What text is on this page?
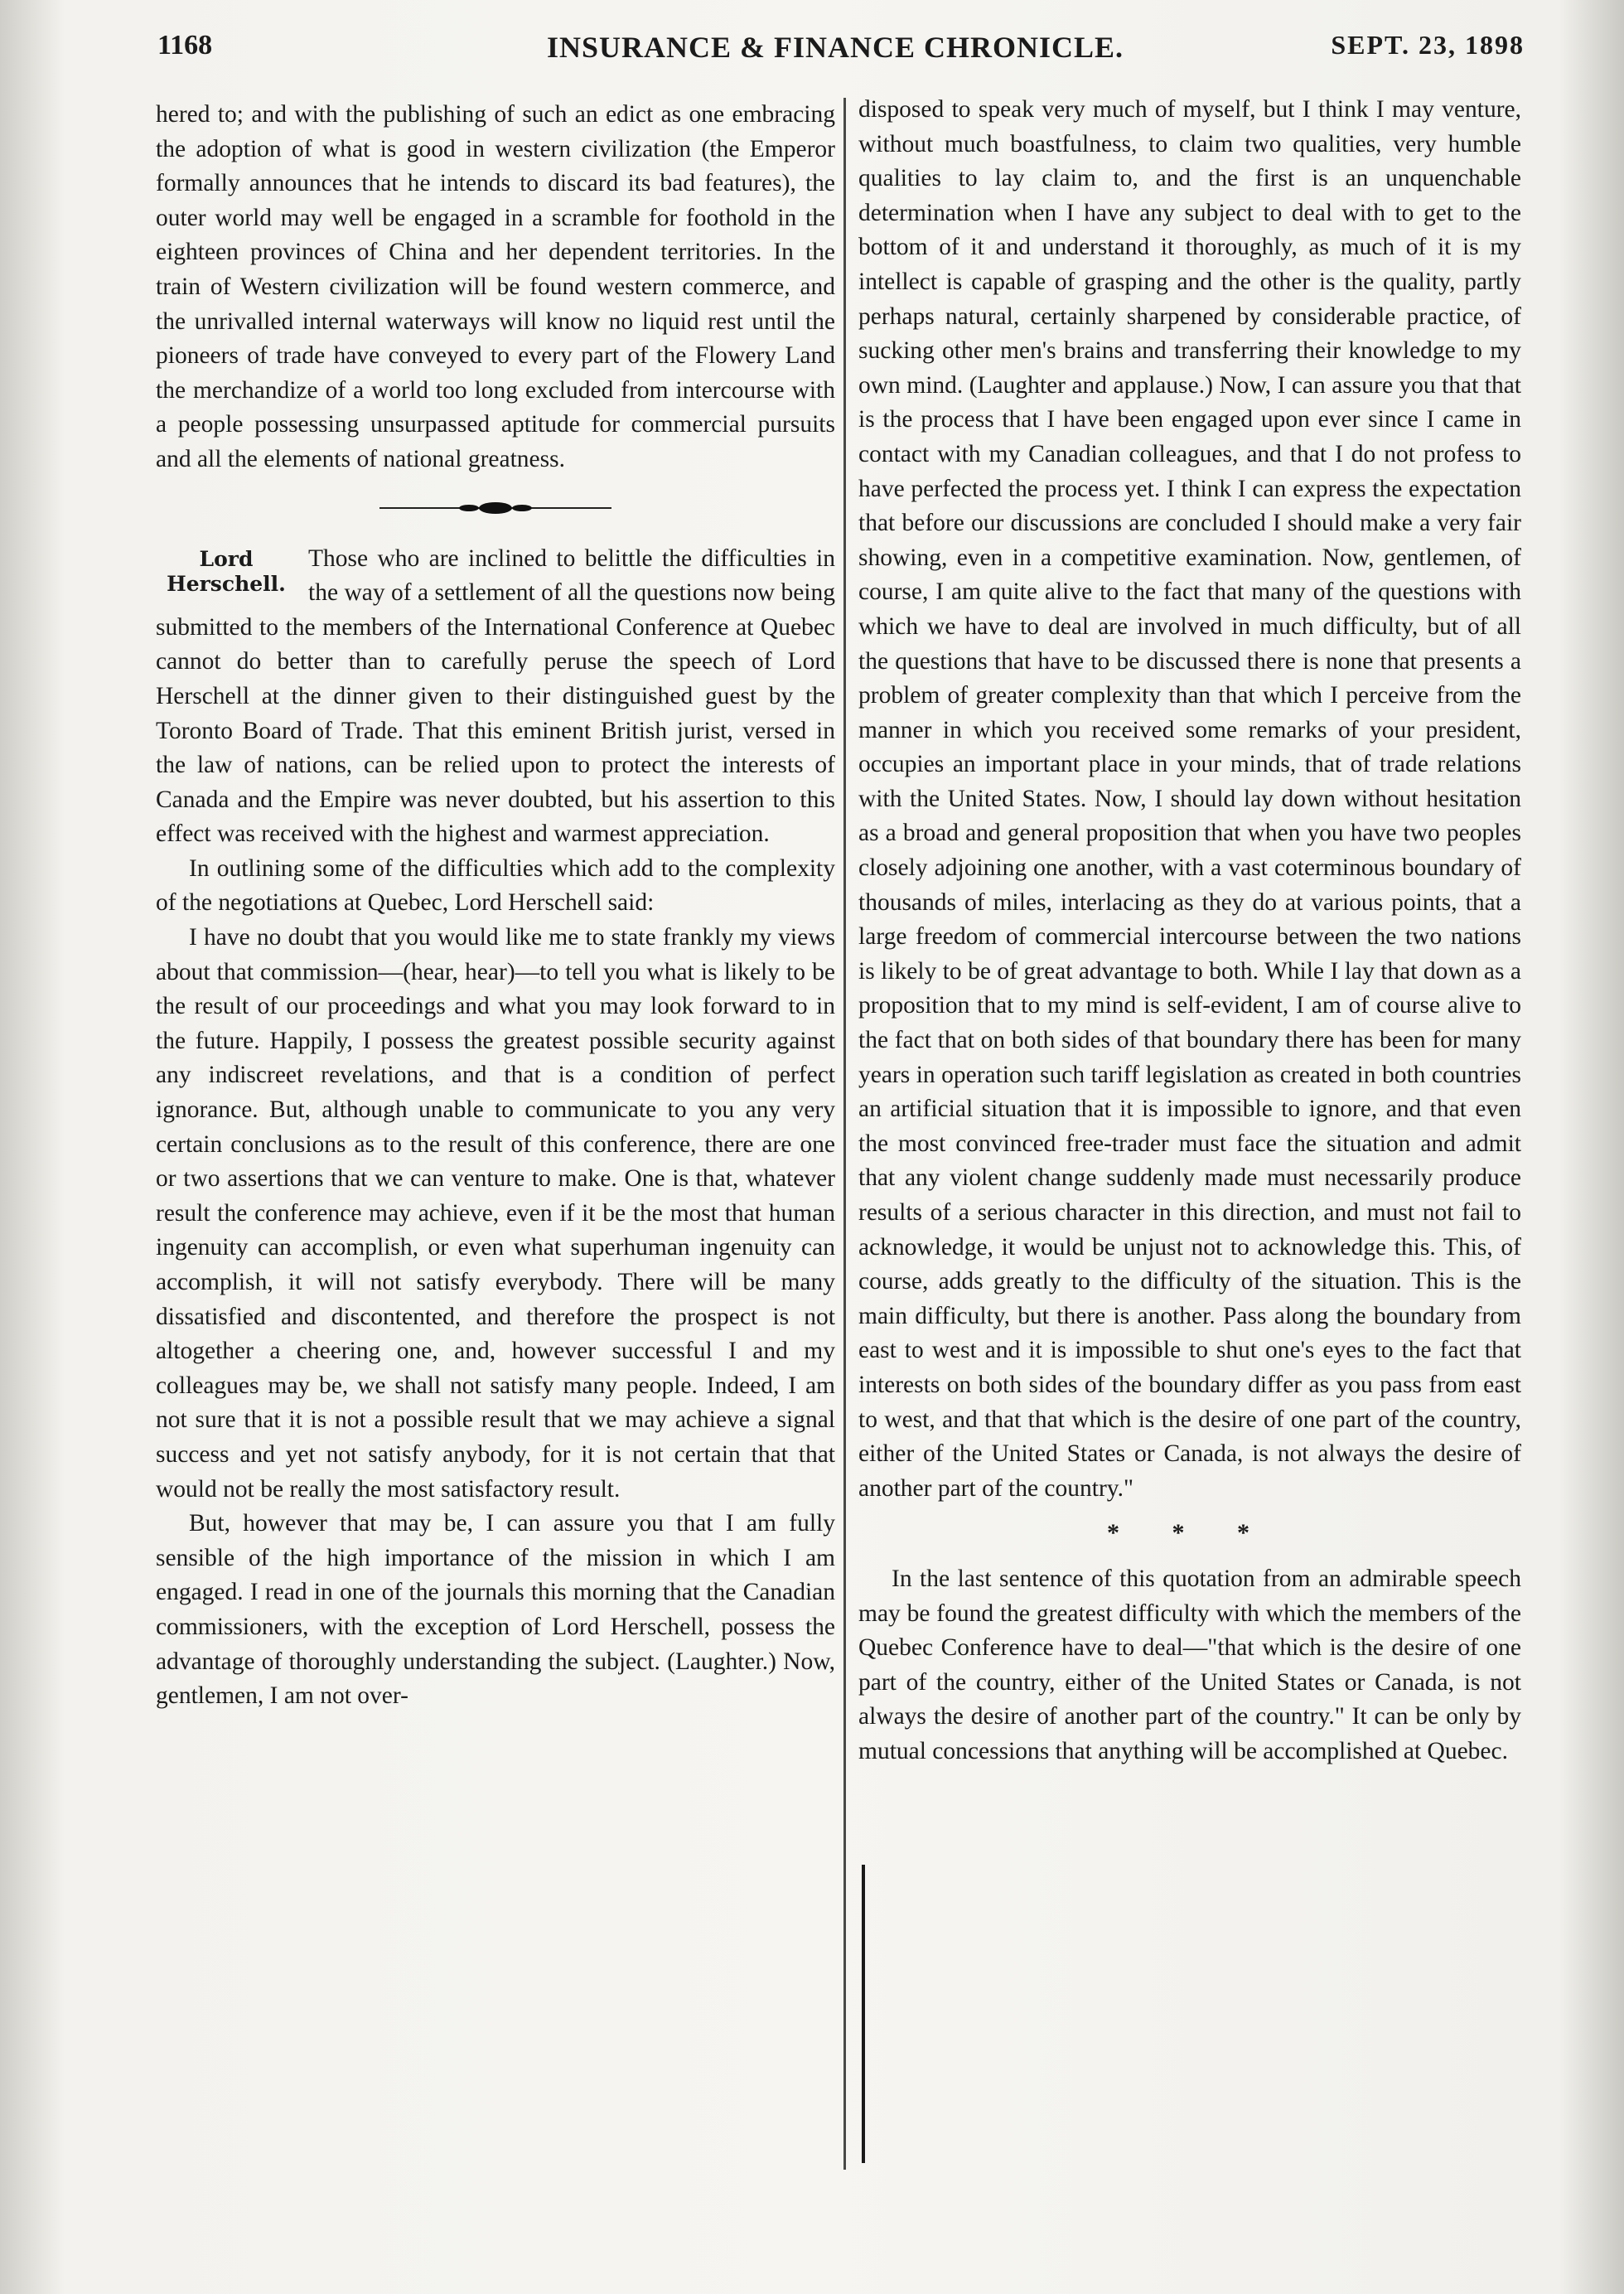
1168	INSURANCE & FINANCE CHRONICLE.	SEPT. 23, 1898

hered to; and with the publishing of such an edict as one embracing the adoption of what is good in western civilization (the Emperor formally announces that he intends to discard its bad features), the outer world may well be engaged in a scramble for foothold in the eighteen provinces of China and her dependent territories. In the train of Western civilization will be found western commerce, and the unrivalled internal waterways will know no liquid rest until the pioneers of trade have conveyed to every part of the Flowery Land the merchandize of a world too long excluded from intercourse with a people possessing unsurpassed aptitude for commercial pursuits and all the elements of national greatness.

Lord Herschell.

Those who are inclined to belittle the difficulties in the way of a settlement of all the questions now being submitted to the members of the International Conference at Quebec cannot do better than to carefully peruse the speech of Lord Herschell at the dinner given to their distinguished guest by the Toronto Board of Trade. That this eminent British jurist, versed in the law of nations, can be relied upon to protect the interests of Canada and the Empire was never doubted, but his assertion to this effect was received with the highest and warmest appreciation.

In outlining some of the difficulties which add to the complexity of the negotiations at Quebec, Lord Herschell said:

I have no doubt that you would like me to state frankly my views about that commission—(hear, hear)—to tell you what is likely to be the result of our proceedings and what you may look forward to in the future. Happily, I possess the greatest possible security against any indiscreet revelations, and that is a condition of perfect ignorance. But, although unable to communicate to you any very certain conclusions as to the result of this conference, there are one or two assertions that we can venture to make. One is that, whatever result the conference may achieve, even if it be the most that human ingenuity can accomplish, or even what superhuman ingenuity can accomplish, it will not satisfy everybody. There will be many dissatisfied and discontented, and therefore the prospect is not altogether a cheering one, and, however successful I and my colleagues may be, we shall not satisfy many people. Indeed, I am not sure that it is not a possible result that we may achieve a signal success and yet not satisfy anybody, for it is not certain that that would not be really the most satisfactory result.

But, however that may be, I can assure you that I am fully sensible of the high importance of the mission in which I am engaged. I read in one of the journals this morning that the Canadian commissioners, with the exception of Lord Herschell, possess the advantage of thoroughly understanding the subject. (Laughter.) Now, gentlemen, I am not over-

disposed to speak very much of myself, but I think I may venture, without much boastfulness, to claim two qualities, very humble qualities to lay claim to, and the first is an unquenchable determination when I have any subject to deal with to get to the bottom of it and understand it thoroughly, as much of it is my intellect is capable of grasping and the other is the quality, partly perhaps natural, certainly sharpened by considerable practice, of sucking other men's brains and transferring their knowledge to my own mind. (Laughter and applause.) Now, I can assure you that that is the process that I have been engaged upon ever since I came in contact with my Canadian colleagues, and that I do not profess to have perfected the process yet. I think I can express the expectation that before our discussions are concluded I should make a very fair showing, even in a competitive examination. Now, gentlemen, of course, I am quite alive to the fact that many of the questions with which we have to deal are involved in much difficulty, but of all the questions that have to be discussed there is none that presents a problem of greater complexity than that which I perceive from the manner in which you received some remarks of your president, occupies an important place in your minds, that of trade relations with the United States. Now, I should lay down without hesitation as a broad and general proposition that when you have two peoples closely adjoining one another, with a vast coterminous boundary of thousands of miles, interlacing as they do at various points, that a large freedom of commercial intercourse between the two nations is likely to be of great advantage to both. While I lay that down as a proposition that to my mind is self-evident, I am of course alive to the fact that on both sides of that boundary there has been for many years in operation such tariff legislation as created in both countries an artificial situation that it is impossible to ignore, and that even the most convinced free-trader must face the situation and admit that any violent change suddenly made must necessarily produce results of a serious character in this direction, and must not fail to acknowledge, it would be unjust not to acknowledge this. This, of course, adds greatly to the difficulty of the situation. This is the main difficulty, but there is another. Pass along the boundary from east to west and it is impossible to shut one's eyes to the fact that interests on both sides of the boundary differ as you pass from east to west, and that that which is the desire of one part of the country, either of the United States or Canada, is not always the desire of another part of the country."

* * *

In the last sentence of this quotation from an admirable speech may be found the greatest difficulty with which the members of the Quebec Conference have to deal—"that which is the desire of one part of the country, either of the United States or Canada, is not always the desire of another part of the country." It can be only by mutual concessions that anything will be accomplished at Quebec.
